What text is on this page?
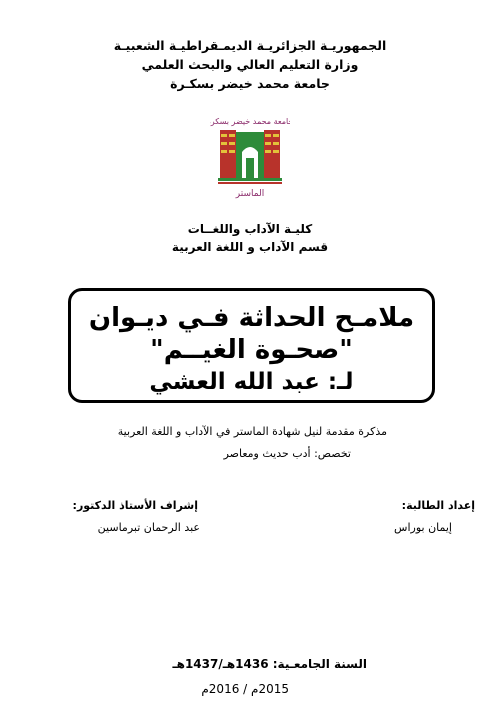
الجمهوريـة الجزائريـة الديمـقراطيـة الشعبيـة
وزارة التعليم العالي والبحث العلمي
جامعة محمد خيضر بسكـرة
جامعة محمد خيضر بسكرة
الماستر
كليـة الآداب واللغــات
قسم الآداب و اللغة العربية
ملامـح الحداثة فـي ديـوان
"صحـوة الغيــم"
لـ: عبد الله العشي
مذكرة مقدمة لنيل شهادة الماستر في الآداب و اللغة العربية
تخصص: أدب حديث ومعاصر
إعداد الطالبة:
إيمان بوراس
إشراف الأستاذ الدكتور:
عبد الرحمان تبرماسين
السنة الجامعـية: 1436هـ/1437هـ
2015م / 2016م
